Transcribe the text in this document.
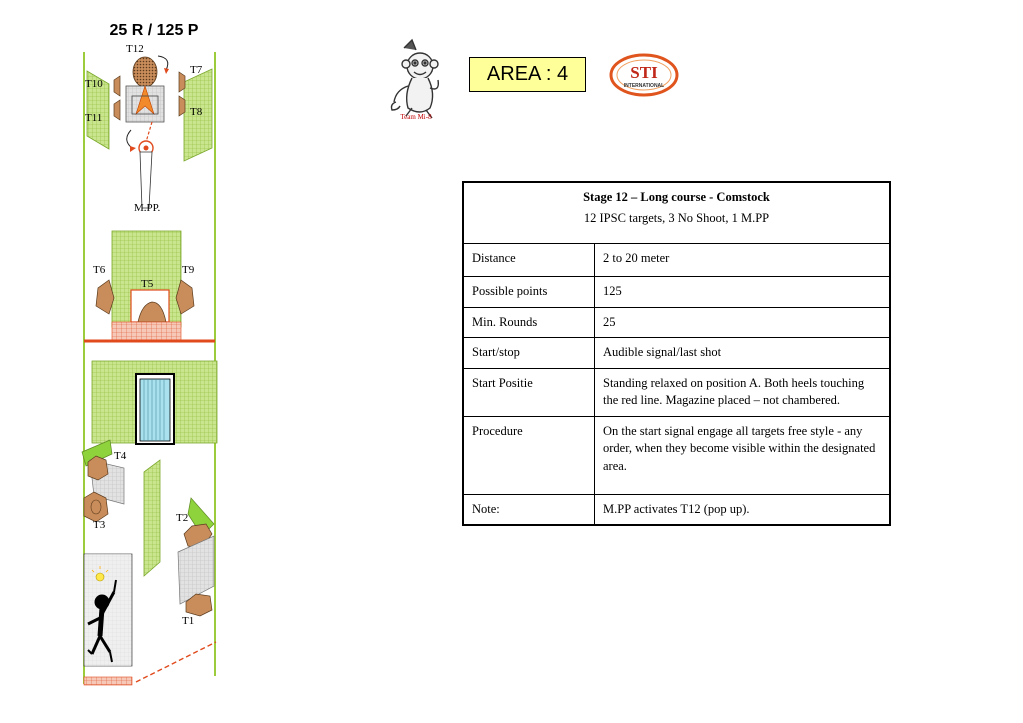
25 R / 125 P
T12
T7
T10
T8
T11
M.PP.
T6	T9
T5
T4
T3
T2
T1
Team Mi-8
AREA : 4	STI
INTERNATIONAL
Stage 12 – Long course - Comstock
12 IPSC targets, 3 No Shoot, 1 M.PP	
Distance	2 to 20 meter
Possible points	125
Min. Rounds	25
Start/stop	Audible signal/last shot
Start Positie	Standing relaxed on position A. Both heels touching the red line. Magazine placed – not chambered.
Procedure	On the start signal engage all targets free style - any order, when they become visible within the designated area.
Note:	M.PP activates T12 (pop up).
